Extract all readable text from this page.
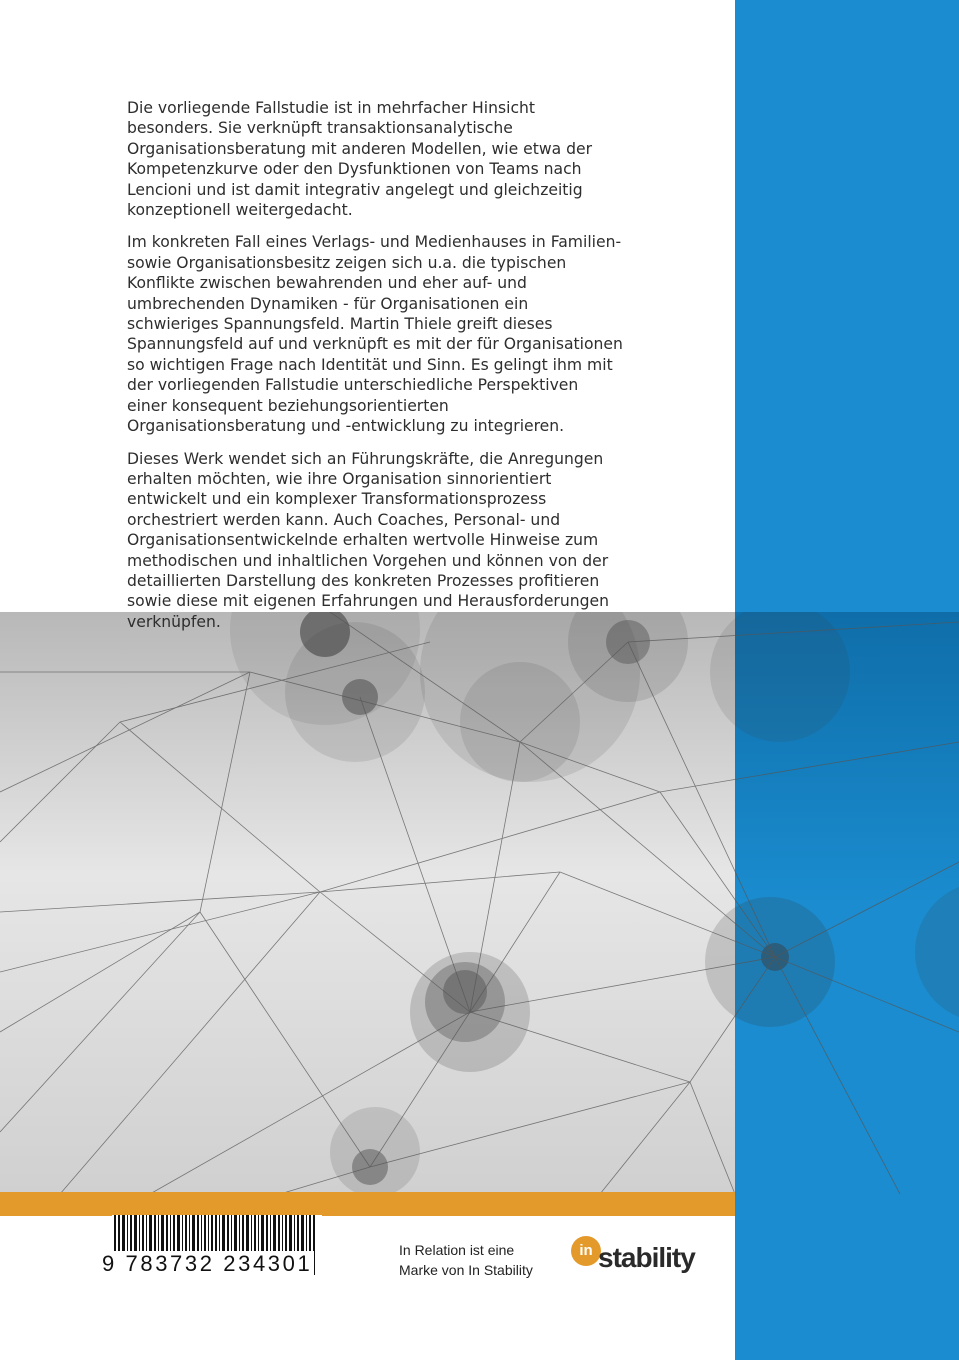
Die vorliegende Fallstudie ist in mehrfacher Hinsicht besonders. Sie verknüpft transaktionsanalytische Organisationsberatung mit anderen Modellen, wie etwa der Kompetenzkurve oder den Dysfunktionen von Teams nach Lencioni und ist damit integrativ angelegt und gleichzeitig konzeptionell weitergedacht.

Im konkreten Fall eines Verlags- und Medienhauses in Familien- sowie Organisationsbesitz zeigen sich u.a. die typischen Konflikte zwischen bewahrenden und eher auf- und umbrechenden Dynamiken - für Organisationen ein schwieriges Spannungsfeld. Martin Thiele greift dieses Spannungsfeld auf und verknüpft es mit der für Organisationen so wichtigen Frage nach Identität und Sinn. Es gelingt ihm mit der vorliegenden Fallstudie unterschiedliche Perspektiven einer konsequent beziehungsorientierten Organisationsberatung und -entwicklung zu integrieren.

Dieses Werk wendet sich an Führungskräfte, die Anregungen erhalten möchten, wie ihre Organisation sinnorientiert entwickelt und ein komplexer Transformationsprozess orchestriert werden kann. Auch Coaches, Personal- und Organisationsentwickelnde erhalten wertvolle Hinweise zum methodischen und inhaltlichen Vorgehen und können von der detaillierten Darstellung des konkreten Prozesses profitieren sowie diese mit eigenen Erfahrungen und Herausforderungen verknüpfen.

9 783732 234301
In Relation ist eine
Marke von In Stability
in stability
